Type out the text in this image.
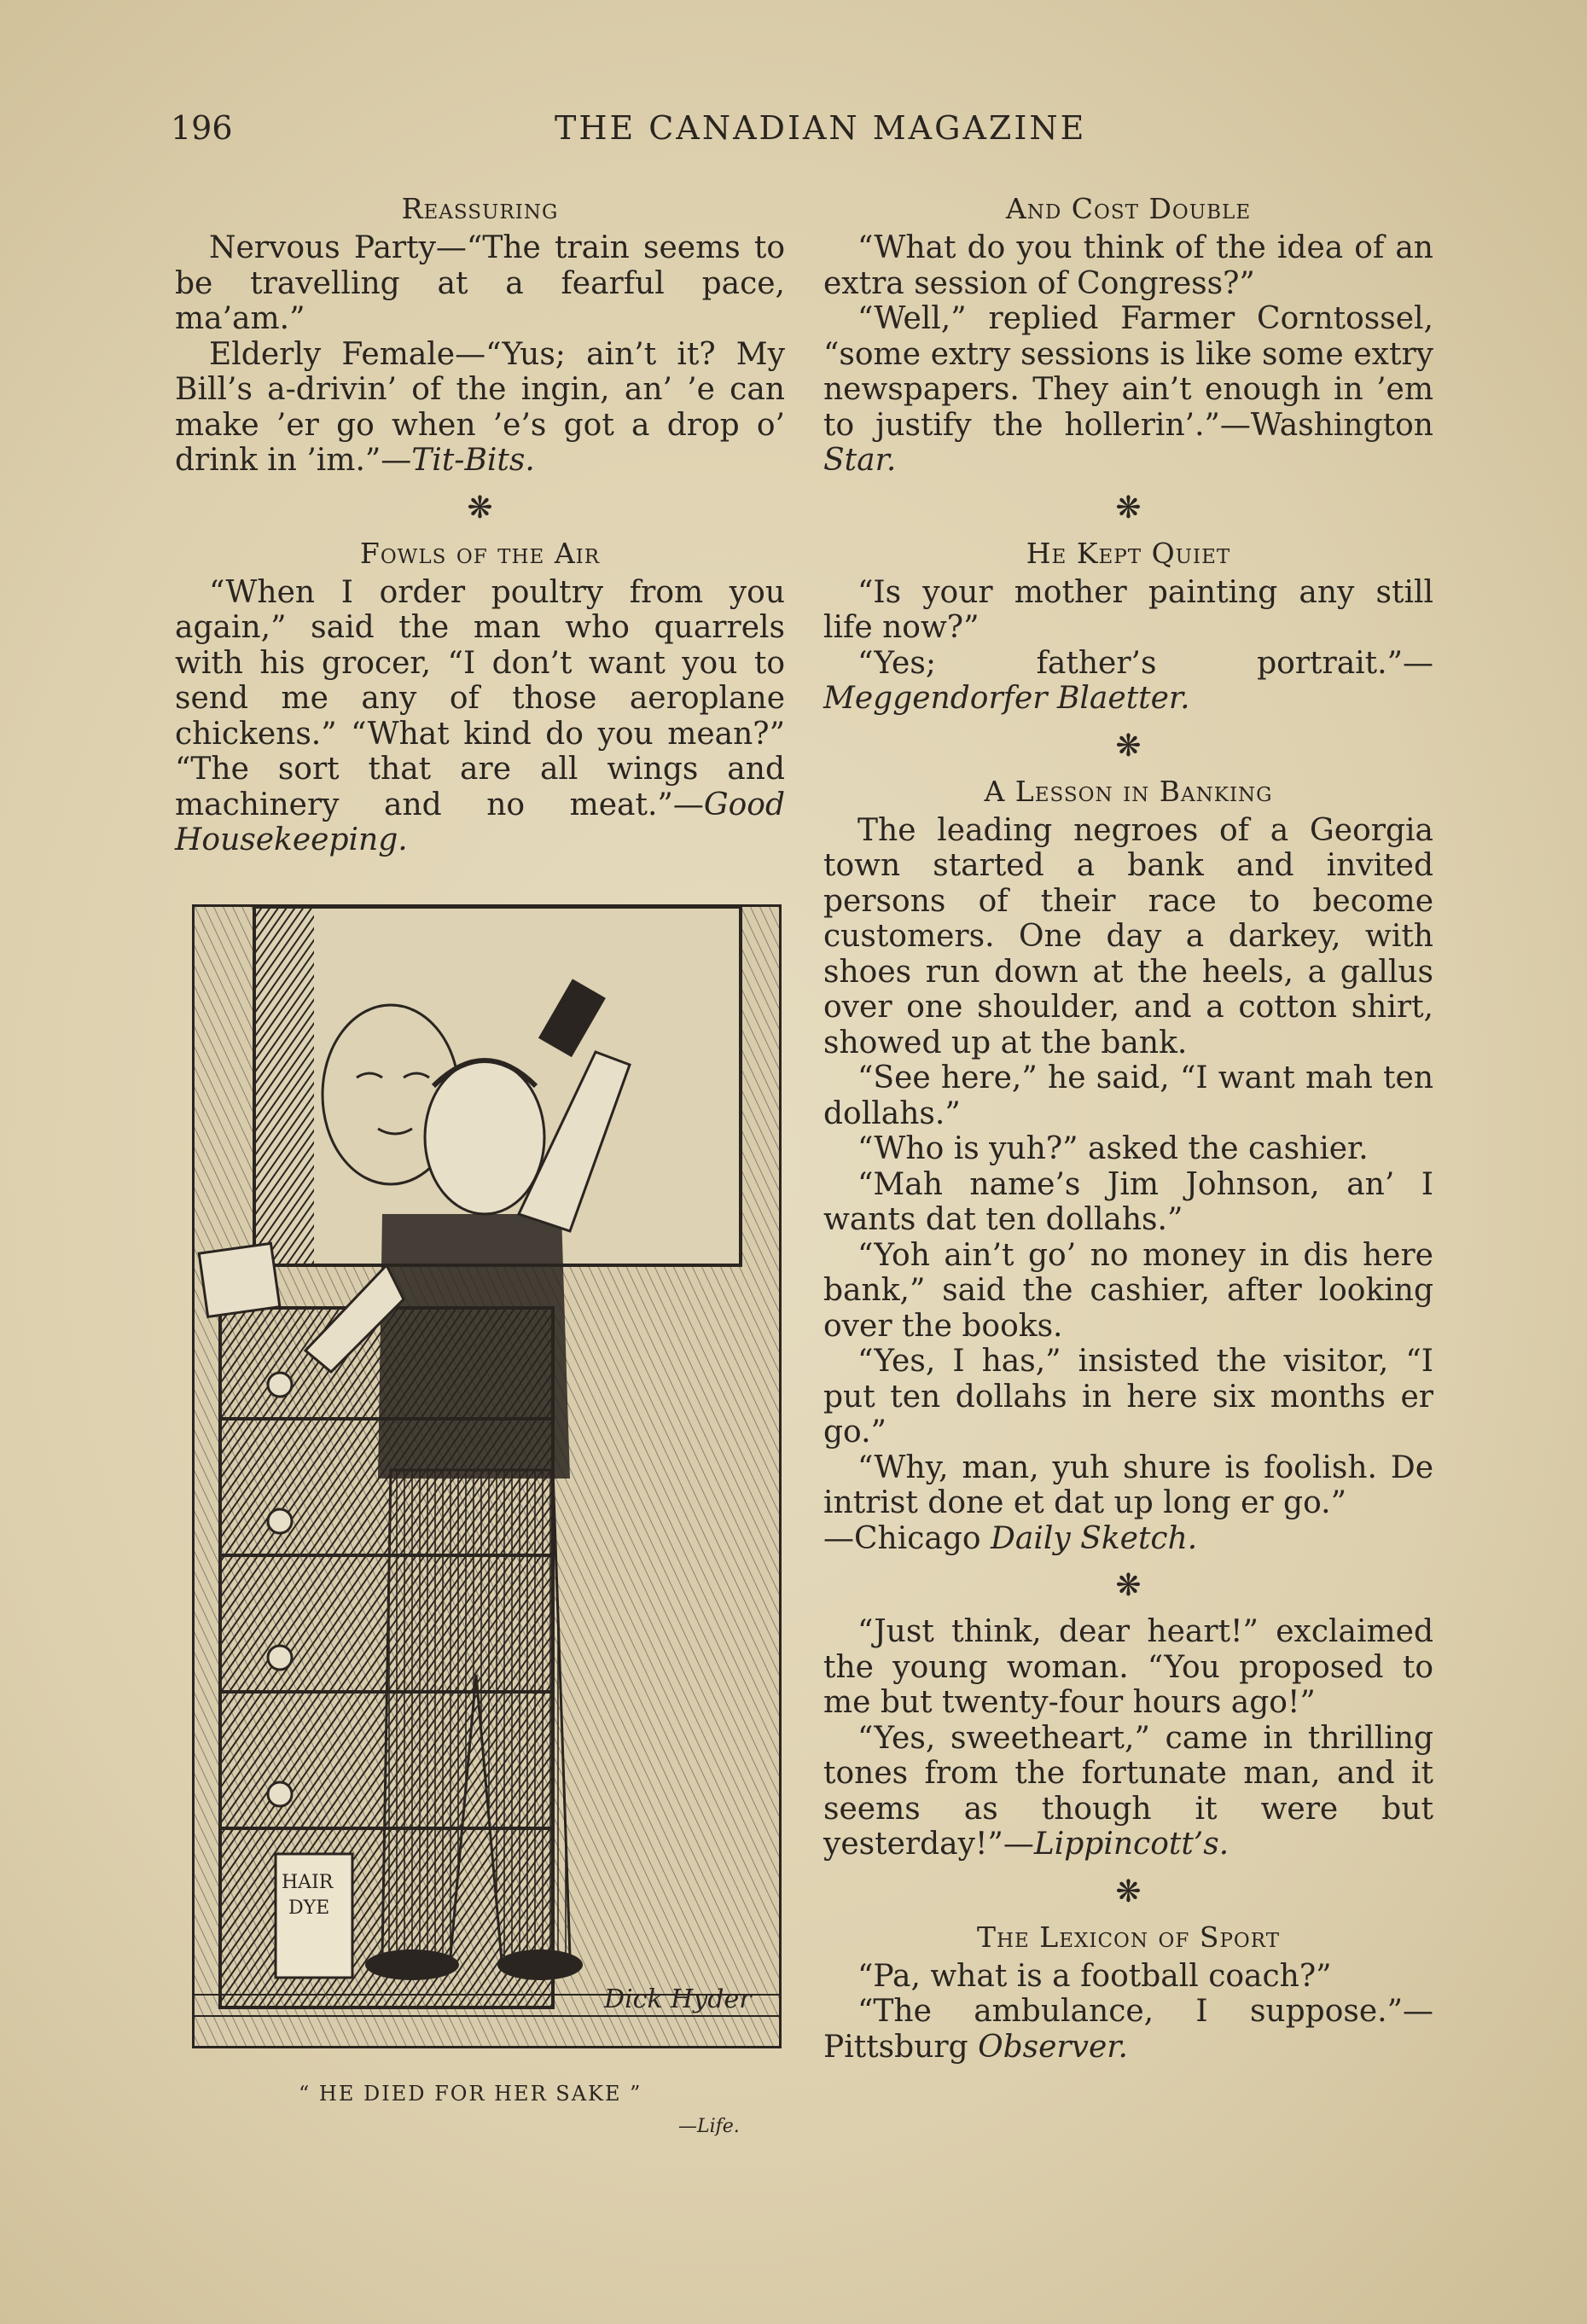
196	THE CANADIAN MAGAZINE
Reassuring

Nervous Party—“The train seems to be travelling at a fearful pace, ma’am.”

Elderly Female—“Yus; ain’t it? My Bill’s a-drivin’ of the ingin, an’ ’e can make ’er go when ’e’s got a drop o’ drink in ’im.”—Tit-Bits.

❋
Fowls of the Air

“When I order poultry from you again,” said the man who quarrels with his grocer, “I don’t want you to send me any of those aeroplane chickens.” “What kind do you mean?” “The sort that are all wings and machinery and no meat.”—Good Housekeeping.

HAIR
DYE
Dick Hyder
“ HE DIED FOR HER SAKE ”
—Life.
And Cost Double

“What do you think of the idea of an extra session of Congress?”

“Well,” replied Farmer Corntossel, “some extry sessions is like some extry newspapers. They ain’t enough in ’em to justify the hollerin’.”—Washington Star.

❋
He Kept Quiet

“Is your mother painting any still life now?”

“Yes; father’s portrait.”—Meggendorfer Blaetter.

❋
A Lesson in Banking

The leading negroes of a Georgia town started a bank and invited persons of their race to become customers. One day a darkey, with shoes run down at the heels, a gallus over one shoulder, and a cotton shirt, showed up at the bank.

“See here,” he said, “I want mah ten dollahs.”

“Who is yuh?” asked the cashier.

“Mah name’s Jim Johnson, an’ I wants dat ten dollahs.”

“Yoh ain’t go’ no money in dis here bank,” said the cashier, after looking over the books.

“Yes, I has,” insisted the visitor, “I put ten dollahs in here six months er go.”

“Why, man, yuh shure is foolish. De intrist done et dat up long er go.”

—Chicago Daily Sketch.

❋

“Just think, dear heart!” exclaimed the young woman. “You proposed to me but twenty-four hours ago!”

“Yes, sweetheart,” came in thrilling tones from the fortunate man, and it seems as though it were but yesterday!”—Lippincott’s.

❋
The Lexicon of Sport

“Pa, what is a football coach?”

“The ambulance, I suppose.”— Pittsburg Observer.
